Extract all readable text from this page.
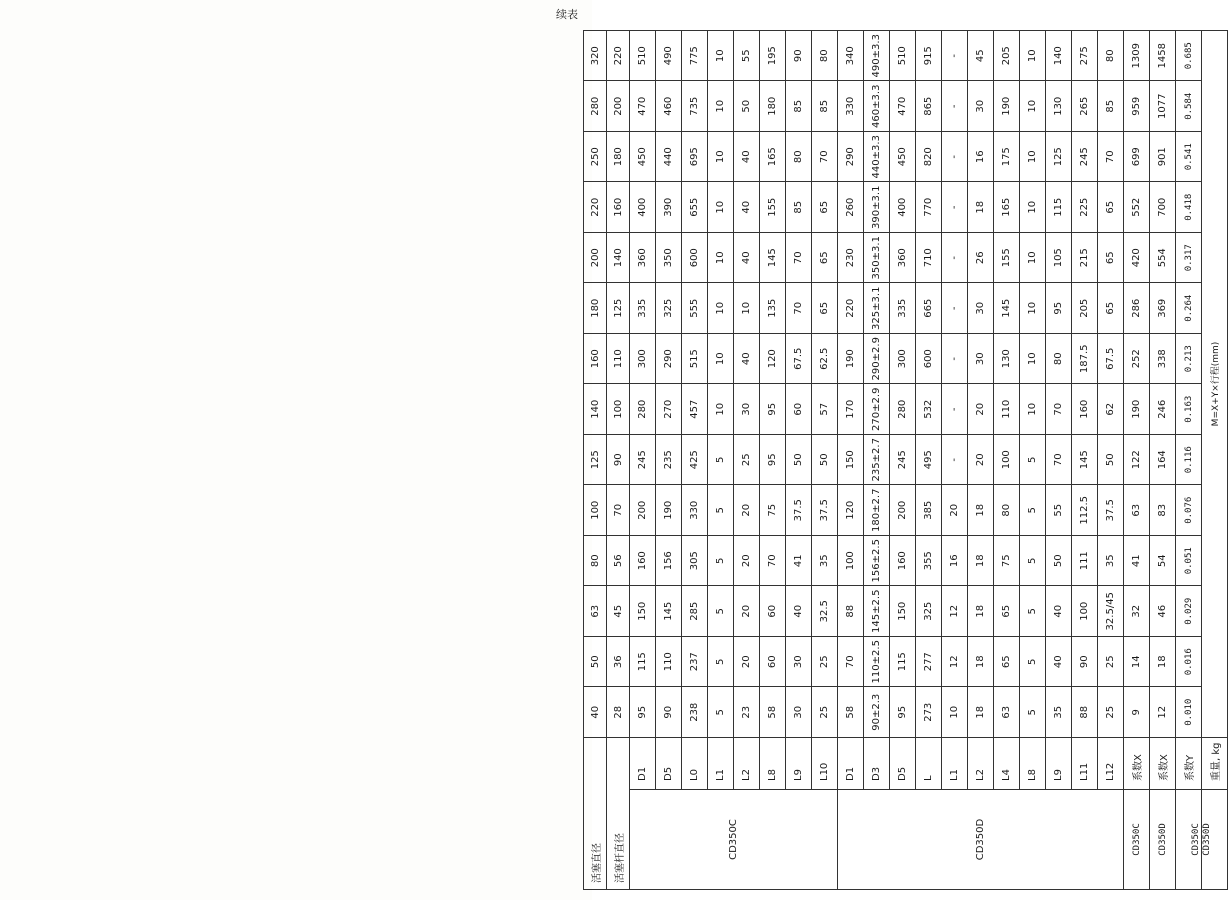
续表
活塞直径		40	50	63	80	100	125	140	160	180	200	220	250	280	320
活塞杆直径		28	36	45	56	70	90	100	110	125	140	160	180	200	220
CD350C	D1	95	115	150	160	200	245	280	300	335	360	400	450	470	510
	D5	90	110	145	156	190	235	270	290	325	350	390	440	460	490
	L0	238	237	285	305	330	425	457	515	555	600	655	695	735	775
	L1	5	5	5	5	5	5	10	10	10	10	10	10	10	10
	L2	23	20	20	20	20	25	30	40	10	40	40	40	50	55
	L8	58	60	60	70	75	95	95	120	135	145	155	165	180	195
	L9	30	30	40	41	37.5	50	60	67.5	70	70	85	80	85	90
	L10	25	25	32.5	35	37.5	50	57	62.5	65	65	65	70	85	80
CD350D	D1	58	70	88	100	120	150	170	190	220	230	260	290	330	340
	D3	90±2.3	110±2.5	145±2.5	156±2.5	180±2.7	235±2.7	270±2.9	290±2.9	325±3.1	350±3.1	390±3.1	440±3.3	460±3.3	490±3.3
	D5	95	115	150	160	200	245	280	300	335	360	400	450	470	510
	L	273	277	325	355	385	495	532	600	665	710	770	820	865	915
	L1	10	12	12	16	20	-	-	-	-	-	-	-	-	-
	L2	18	18	18	18	18	20	20	30	30	26	18	16	30	45
	L4	63	65	65	75	80	100	110	130	145	155	165	175	190	205
	L8	5	5	5	5	5	5	10	10	10	10	10	10	10	10
	L9	35	40	40	50	55	70	70	80	95	105	115	125	130	140
	L11	88	90	100	111	112.5	145	160	187.5	205	215	225	245	265	275
	L12	25	25	32.5/45	35	37.5	50	62	67.5	65	65	65	70	85	80
CD350C	系数X	9	14	32	41	63	122	190	252	286	420	552	699	959	1309
CD350D	系数X	12	18	46	54	83	164	246	338	369	554	700	901	1077	1458

CD350C CD350D	系数Y	0.010	0.016	0.029	0.051	0.076	0.116	0.163	0.213	0.264	0.317	0.418	0.541	0.584	0.685
	重量, kg	M=X+Y×行程(mm)													
